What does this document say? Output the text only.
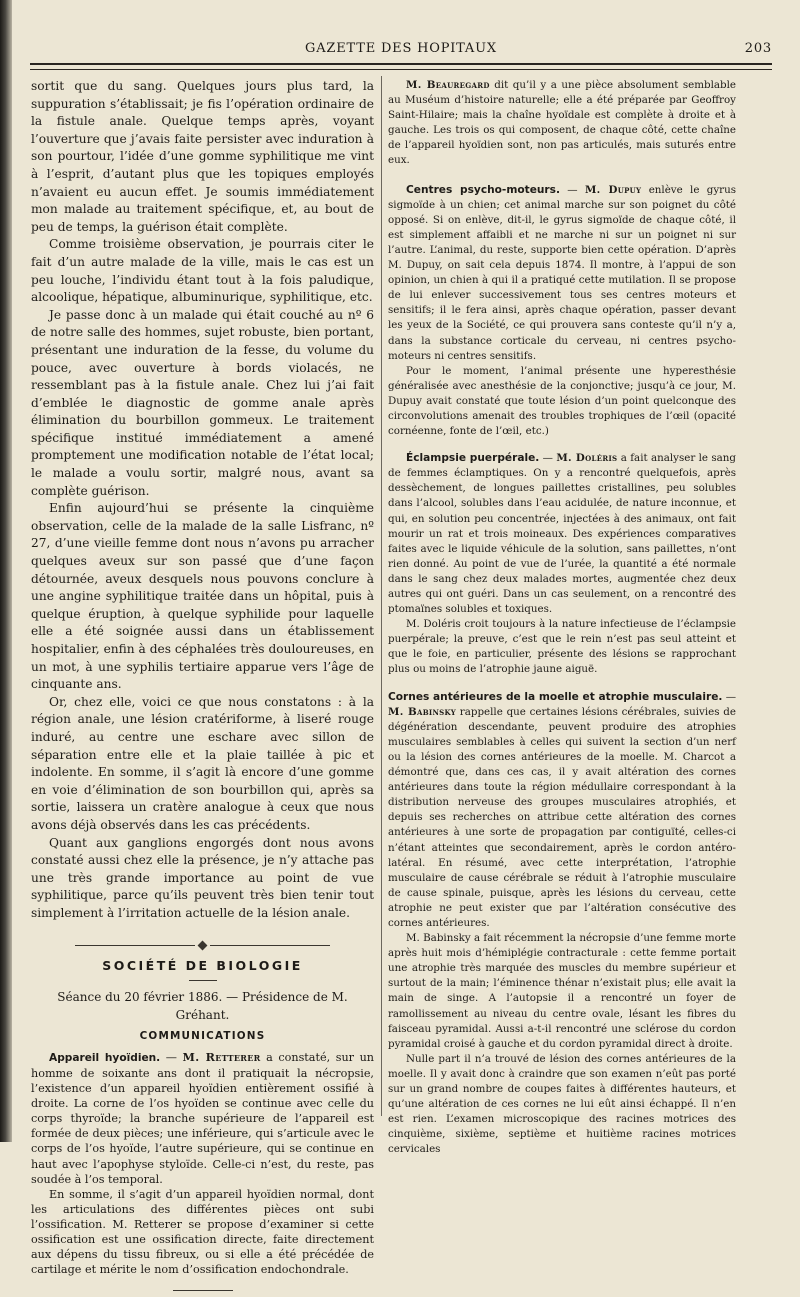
GAZETTE DES HOPITAUX	203

sortit que du sang. Quelques jours plus tard, la suppuration s’établissait; je fis l’opération ordinaire de la fistule anale. Quelque temps après, voyant l’ouverture que j’avais faite persister avec induration à son pourtour, l’idée d’une gomme syphilitique me vint à l’esprit, d’autant plus que les topiques employés n’avaient eu aucun effet. Je soumis immédiatement mon malade au traitement spécifique, et, au bout de peu de temps, la guérison était complète.

Comme troisième observation, je pourrais citer le fait d’un autre malade de la ville, mais le cas est un peu louche, l’individu étant tout à la fois paludique, alcoolique, hépatique, albuminurique, syphilitique, etc.

Je passe donc à un malade qui était couché au nº 6 de notre salle des hommes, sujet robuste, bien portant, présentant une induration de la fesse, du volume du pouce, avec ouverture à bords violacés, ne ressemblant pas à la fistule anale. Chez lui j’ai fait d’emblée le diagnostic de gomme anale après élimination du bourbillon gommeux. Le traitement spécifique institué immédiatement a amené promptement une modification notable de l’état local; le malade a voulu sortir, malgré nous, avant sa complète guérison.

Enfin aujourd’hui se présente la cinquième observation, celle de la malade de la salle Lisfranc, nº 27, d’une vieille femme dont nous n’avons pu arracher quelques aveux sur son passé que d’une façon détournée, aveux desquels nous pouvons conclure à une angine syphilitique traitée dans un hôpital, puis à quelque éruption, à quelque syphilide pour laquelle elle a été soignée aussi dans un établissement hospitalier, enfin à des céphalées très douloureuses, en un mot, à une syphilis tertiaire apparue vers l’âge de cinquante ans.

Or, chez elle, voici ce que nous constatons : à la région anale, une lésion cratériforme, à liseré rouge induré, au centre une eschare avec sillon de séparation entre elle et la plaie taillée à pic et indolente. En somme, il s’agit là encore d’une gomme en voie d’élimination de son bourbillon qui, après sa sortie, laissera un cratère analogue à ceux que nous avons déjà observés dans les cas précédents.

Quant aux ganglions engorgés dont nous avons constaté aussi chez elle la présence, je n’y attache pas une très grande importance au point de vue syphilitique, parce qu’ils peuvent très bien tenir tout simplement à l’irritation actuelle de la lésion anale.

SOCIÉTÉ DE BIOLOGIE
Séance du 20 février 1886. — Présidence de M. Gréhant.
COMMUNICATIONS

Appareil hyoïdien. — M. Retterer a constaté, sur un homme de soixante ans dont il pratiquait la nécropsie, l’existence d’un appareil hyoïdien entièrement ossifié à droite. La corne de l’os hyoïden se continue avec celle du corps thyroïde; la branche supérieure de l’appareil est formée de deux pièces; une inférieure, qui s’articule avec le corps de l’os hyoïde, l’autre supérieure, qui se continue en haut avec l’apophyse styloïde. Celle-ci n’est, du reste, pas soudée à l’os temporal.

En somme, il s’agit d’un appareil hyoïdien normal, dont les articulations des différentes pièces ont subi l’ossification. M. Retterer se propose d’examiner si cette ossification est une ossification directe, faite directement aux dépens du tissu fibreux, ou si elle a été précédée de cartilage et mérite le nom d’ossification endochondrale.

M. Beauregard dit qu’il y a une pièce absolument semblable au Muséum d’histoire naturelle; elle a été préparée par Geoffroy Saint-Hilaire; mais la chaîne hyoïdale est complète à droite et à gauche. Les trois os qui composent, de chaque côté, cette chaîne de l’appareil hyoïdien sont, non pas articulés, mais suturés entre eux.

Centres psycho-moteurs. — M. Dupuy enlève le gyrus sigmoïde à un chien; cet animal marche sur son poignet du côté opposé. Si on enlève, dit-il, le gyrus sigmoïde de chaque côté, il est simplement affaibli et ne marche ni sur un poignet ni sur l’autre. L’animal, du reste, supporte bien cette opération. D’après M. Dupuy, on sait cela depuis 1874. Il montre, à l’appui de son opinion, un chien à qui il a pratiqué cette mutilation. Il se propose de lui enlever successivement tous ses centres moteurs et sensitifs; il le fera ainsi, après chaque opération, passer devant les yeux de la Société, ce qui prouvera sans conteste qu’il n’y a, dans la substance corticale du cerveau, ni centres psycho-moteurs ni centres sensitifs.

Pour le moment, l’animal présente une hyperesthésie généralisée avec anesthésie de la conjonctive; jusqu’à ce jour, M. Dupuy avait constaté que toute lésion d’un point quelconque des circonvolutions amenait des troubles trophiques de l’œil (opacité cornéenne, fonte de l’œil, etc.)

Éclampsie puerpérale. — M. Doléris a fait analyser le sang de femmes éclamptiques. On y a rencontré quelquefois, après dessèchement, de longues paillettes cristallines, peu solubles dans l’alcool, solubles dans l’eau acidulée, de nature inconnue, et qui, en solution peu concentrée, injectées à des animaux, ont fait mourir un rat et trois moineaux. Des expériences comparatives faites avec le liquide véhicule de la solution, sans paillettes, n’ont rien donné. Au point de vue de l’urée, la quantité a été normale dans le sang chez deux malades mortes, augmentée chez deux autres qui ont guéri. Dans un cas seulement, on a rencontré des ptomaïnes solubles et toxiques.

M. Doléris croit toujours à la nature infectieuse de l’éclampsie puerpérale; la preuve, c’est que le rein n’est pas seul atteint et que le foie, en particulier, présente des lésions se rapprochant plus ou moins de l’atrophie jaune aiguë.

Cornes antérieures de la moelle et atrophie musculaire. — M. Babinsky rappelle que certaines lésions cérébrales, suivies de dégénération descendante, peuvent produire des atrophies musculaires semblables à celles qui suivent la section d’un nerf ou la lésion des cornes antérieures de la moelle. M. Charcot a démontré que, dans ces cas, il y avait altération des cornes antérieures dans toute la région médullaire correspondant à la distribution nerveuse des groupes musculaires atrophiés, et depuis ses recherches on attribue cette altération des cornes antérieures à une sorte de propagation par contiguïté, celles-ci n’étant atteintes que secondairement, après le cordon antéro-latéral. En résumé, avec cette interprétation, l’atrophie musculaire de cause cérébrale se réduit à l’atrophie musculaire de cause spinale, puisque, après les lésions du cerveau, cette atrophie ne peut exister que par l’altération consécutive des cornes antérieures.

M. Babinsky a fait récemment la nécropsie d’une femme morte après huit mois d’hémiplégie contracturale : cette femme portait une atrophie très marquée des muscles du membre supérieur et surtout de la main; l’éminence thénar n’existait plus; elle avait la main de singe. A l’autopsie il a rencontré un foyer de ramollissement au niveau du centre ovale, lésant les fibres du faisceau pyramidal. Aussi a-t-il rencontré une sclérose du cordon pyramidal croisé à gauche et du cordon pyramidal direct à droite.

Nulle part il n’a trouvé de lésion des cornes antérieures de la moelle. Il y avait donc à craindre que son examen n’eût pas porté sur un grand nombre de coupes faites à différentes hauteurs, et qu’une altération de ces cornes ne lui eût ainsi échappé. Il n’en est rien. L’examen microscopique des racines motrices des cinquième, sixième, septième et huitième racines motrices cervicales
